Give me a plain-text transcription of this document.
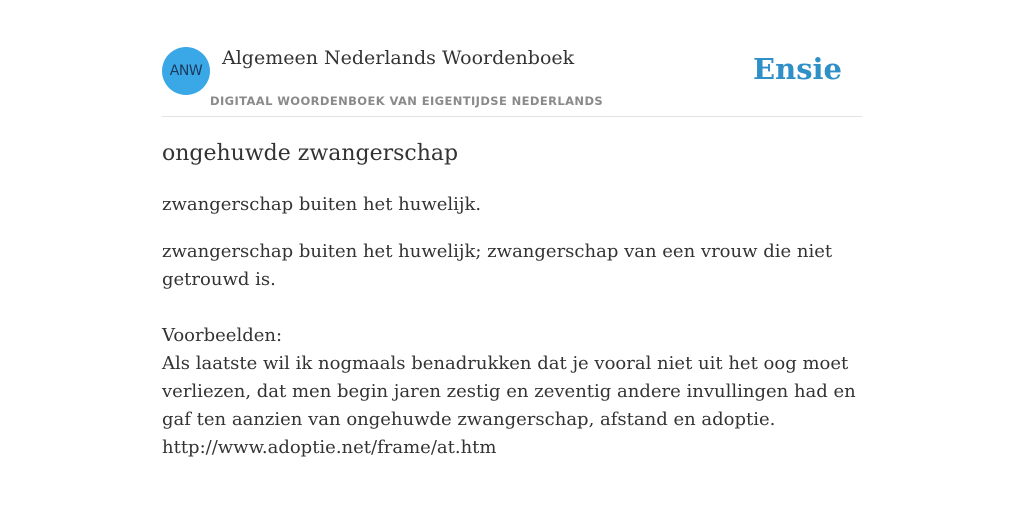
ANW
Algemeen Nederlands Woordenboek
DIGITAAL WOORDENBOEK VAN EIGENTIJDSE NEDERLANDS
Ensie
ongehuwde zwangerschap

zwangerschap buiten het huwelijk.

zwangerschap buiten het huwelijk; zwangerschap van een vrouw die niet getrouwd is.

Voorbeelden:
Als laatste wil ik nogmaals benadrukken dat je vooral niet uit het oog moet verliezen, dat men begin jaren zestig en zeventig andere invullingen had en gaf ten aanzien van ongehuwde zwangerschap, afstand en adoptie.
http://www.adoptie.net/frame/at.htm
